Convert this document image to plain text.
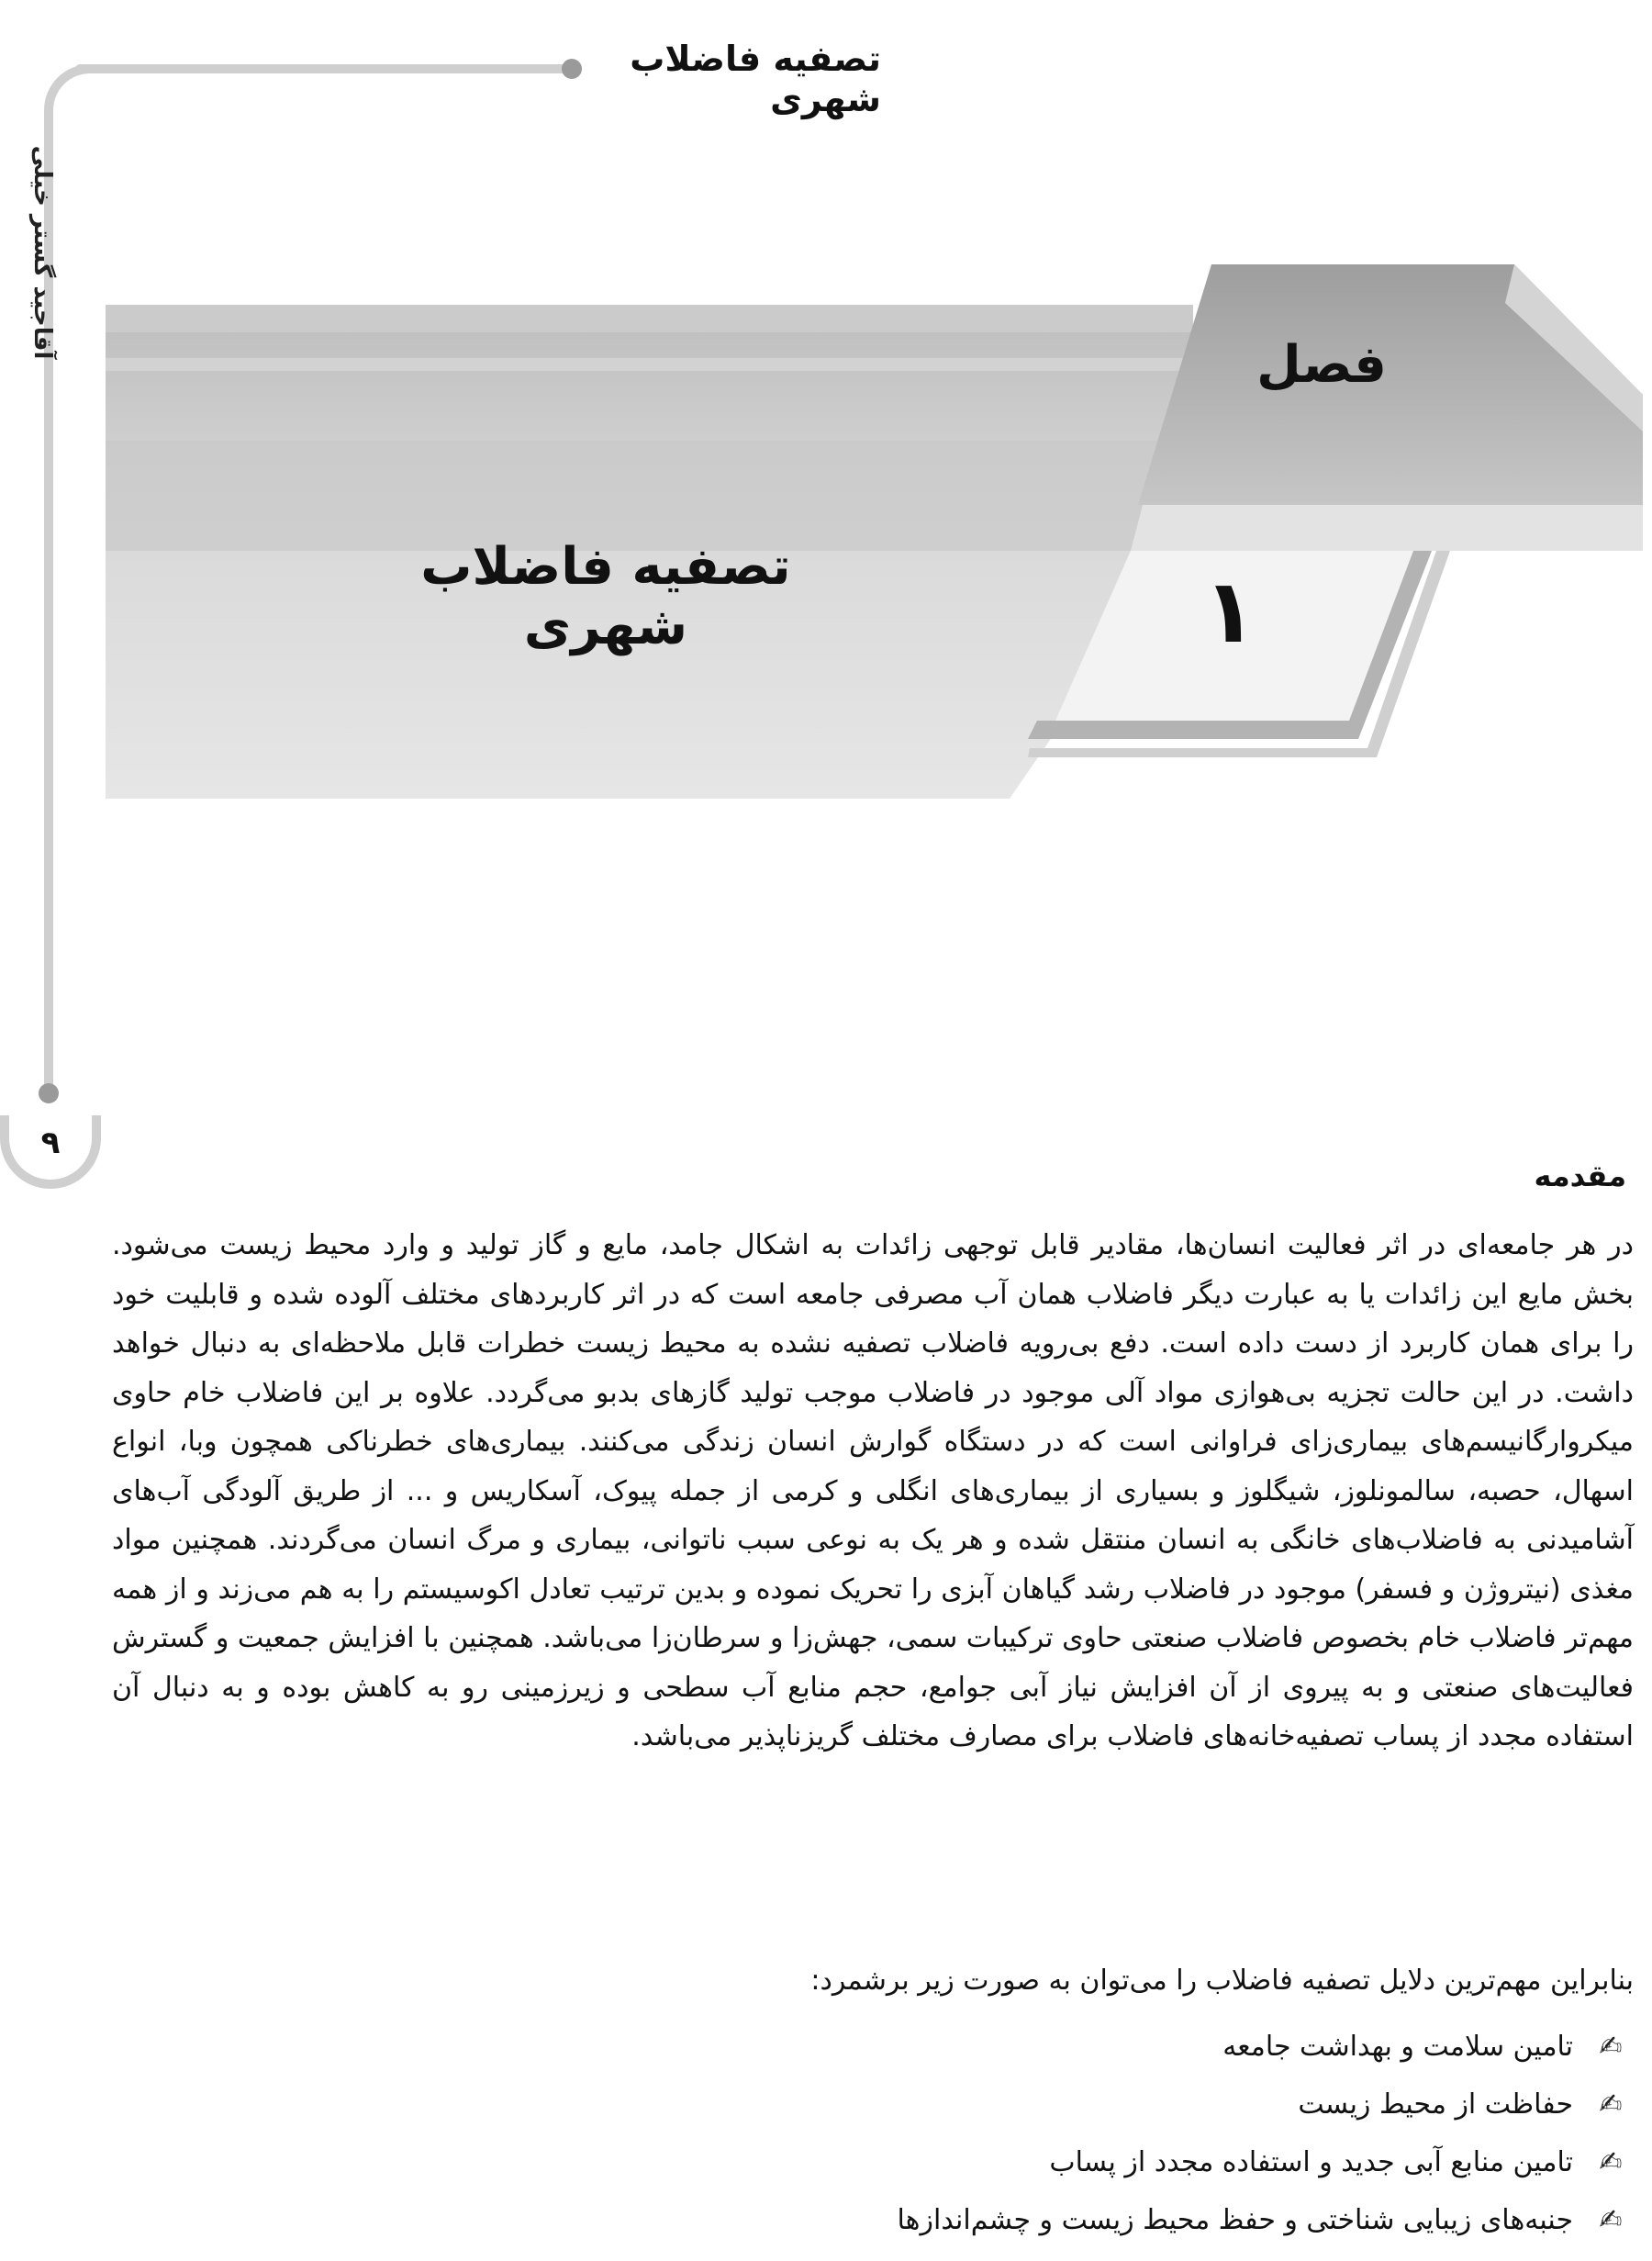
تصفیه فاضلاب شهری
آقاجید گستر خیلی
۹
فصل
۱
تصفیه فاضلاب شهری
مقدمه
در هر جامعه‌ای در اثر فعالیت انسان‌ها، مقادیر قابل توجهی زائدات به اشکال جامد، مایع و گاز تولید و وارد محیط زیست می‌شود. بخش مایع این زائدات یا به عبارت دیگر فاضلاب همان آب مصرفی جامعه است که در اثر کاربردهای مختلف آلوده شده و قابلیت خود را برای همان کاربرد از دست داده است. دفع بی‌رویه فاضلاب تصفیه نشده به محیط زیست خطرات قابل ملاحظه‌ای به دنبال خواهد داشت. در این حالت تجزیه بی‌هوازی مواد آلی موجود در فاضلاب موجب تولید گازهای بدبو می‌گردد. علاوه بر این فاضلاب خام حاوی میکروارگانیسم‌های بیماری‌زای فراوانی است که در دستگاه گوارش انسان زندگی می‌کنند. بیماری‌های خطرناکی همچون وبا، انواع اسهال، حصبه، سالمونلوز، شیگلوز و بسیاری از بیماری‌های انگلی و کرمی از جمله پیوک، آسکاریس و ... از طریق آلودگی آب‌های آشامیدنی به فاضلاب‌های خانگی به انسان منتقل شده و هر یک به نوعی سبب ناتوانی، بیماری و مرگ انسان می‌گردند. همچنین مواد مغذی (نیتروژن و فسفر) موجود در فاضلاب رشد گیاهان آبزی را تحریک نموده و بدین ترتیب تعادل اکوسیستم را به هم می‌زند و از همه مهم‌تر فاضلاب خام بخصوص فاضلاب صنعتی حاوی ترکیبات سمی، جهش‌زا و سرطان‌زا می‌باشد. همچنین با افزایش جمعیت و گسترش فعالیت‌های صنعتی و به پیروی از آن افزایش نیاز آبی جوامع، حجم منابع آب سطحی و زیرزمینی رو به کاهش بوده و به دنبال آن استفاده مجدد از پساب تصفیه‌خانه‌های فاضلاب برای مصارف مختلف گریزناپذیر می‌باشد.
بنابراین مهم‌ترین دلایل تصفیه فاضلاب را می‌توان به صورت زیر برشمرد:
✍
تامین سلامت و بهداشت جامعه
✍
حفاظت از محیط زیست
✍
تامین منابع آبی جدید و استفاده مجدد از پساب
✍
جنبه‌های زیبایی شناختی و حفظ محیط زیست و چشم‌اندازها
